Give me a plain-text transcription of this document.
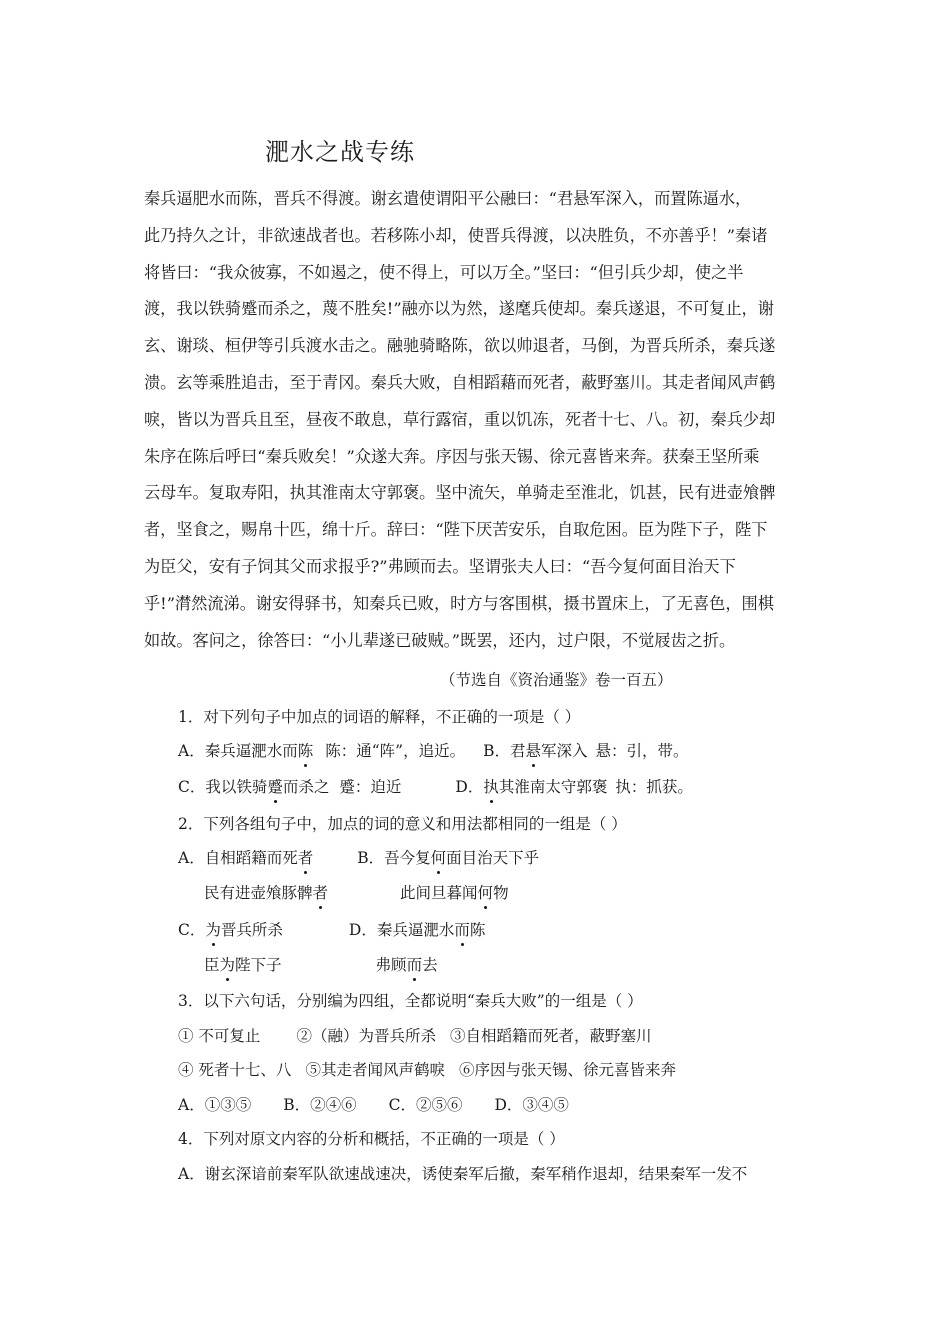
淝水之战专练
秦兵逼肥水而陈，晋兵不得渡。谢玄遣使谓阳平公融曰：“君悬军深入，而置陈逼水，
此乃持久之计，非欲速战者也。若移陈小却，使晋兵得渡，以决胜负，不亦善乎！”秦诸
将皆曰：“我众彼寡，不如遏之，使不得上，可以万全。”坚曰：“但引兵少却，使之半
渡，我以铁骑蹙而杀之，蔑不胜矣!”融亦以为然，遂麾兵使却。秦兵遂退，不可复止，谢
玄、谢琰、桓伊等引兵渡水击之。融驰骑略陈，欲以帅退者，马倒，为晋兵所杀，秦兵遂
溃。玄等乘胜追击，至于青冈。秦兵大败，自相蹈藉而死者，蔽野塞川。其走者闻风声鹤
唳，皆以为晋兵且至，昼夜不敢息，草行露宿，重以饥冻，死者十七、八。初，秦兵少却
朱序在陈后呼曰“秦兵败矣！”众遂大奔。序因与张天锡、徐元喜皆来奔。获秦王坚所乘
云母车。复取寿阳，执其淮南太守郭褒。坚中流矢，单骑走至淮北，饥甚，民有进壶飧髀
者，坚食之，赐帛十匹，绵十斤。辞曰：“陛下厌苦安乐，自取危困。臣为陛下子，陛下
为臣父，安有子饲其父而求报乎?”弗顾而去。坚谓张夫人曰：“吾今复何面目治天下
乎!”潸然流涕。谢安得驿书，知秦兵已败，时方与客围棋，摄书置床上，了无喜色，围棋
如故。客问之，徐答曰：“小儿辈遂已破贼。”既罢，还内，过户限，不觉屐齿之折。
（节选自《资治通鉴》卷一百五）
1．对下列句子中加点的词语的解释，不正确的一项是（ ）
A．秦兵逼淝水而陈 陈：通“阵”，追近。 B．君悬军深入 悬：引，带。
C．我以铁骑蹙而杀之 蹙：迫近	D．执其淮南太守郭褒 执：抓获。
2．下列各组句子中，加点的词的意义和用法都相同的一组是（ ）
A．自相蹈籍而死者	B．吾今复何面目治天下乎
民有进壶飧豚髀者	此间旦暮闻何物
C．为晋兵所杀	D．秦兵逼淝水而陈
臣为陛下子	弗顾而去
3．以下六句话，分别编为四组，全都说明“秦兵大败”的一组是（ ）
① 不可复止 ②（融）为晋兵所杀 ③自相蹈籍而死者，蔽野塞川
④ 死者十七、八 ⑤其走者闻风声鹤唳 ⑥序因与张天锡、徐元喜皆来奔
A．①③⑤ B．②④⑥ C．②⑤⑥ D．③④⑤
4．下列对原文内容的分析和概括，不正确的一项是（ ）
A．谢玄深谙前秦军队欲速战速决，诱使秦军后撤，秦军稍作退却，结果秦军一发不
